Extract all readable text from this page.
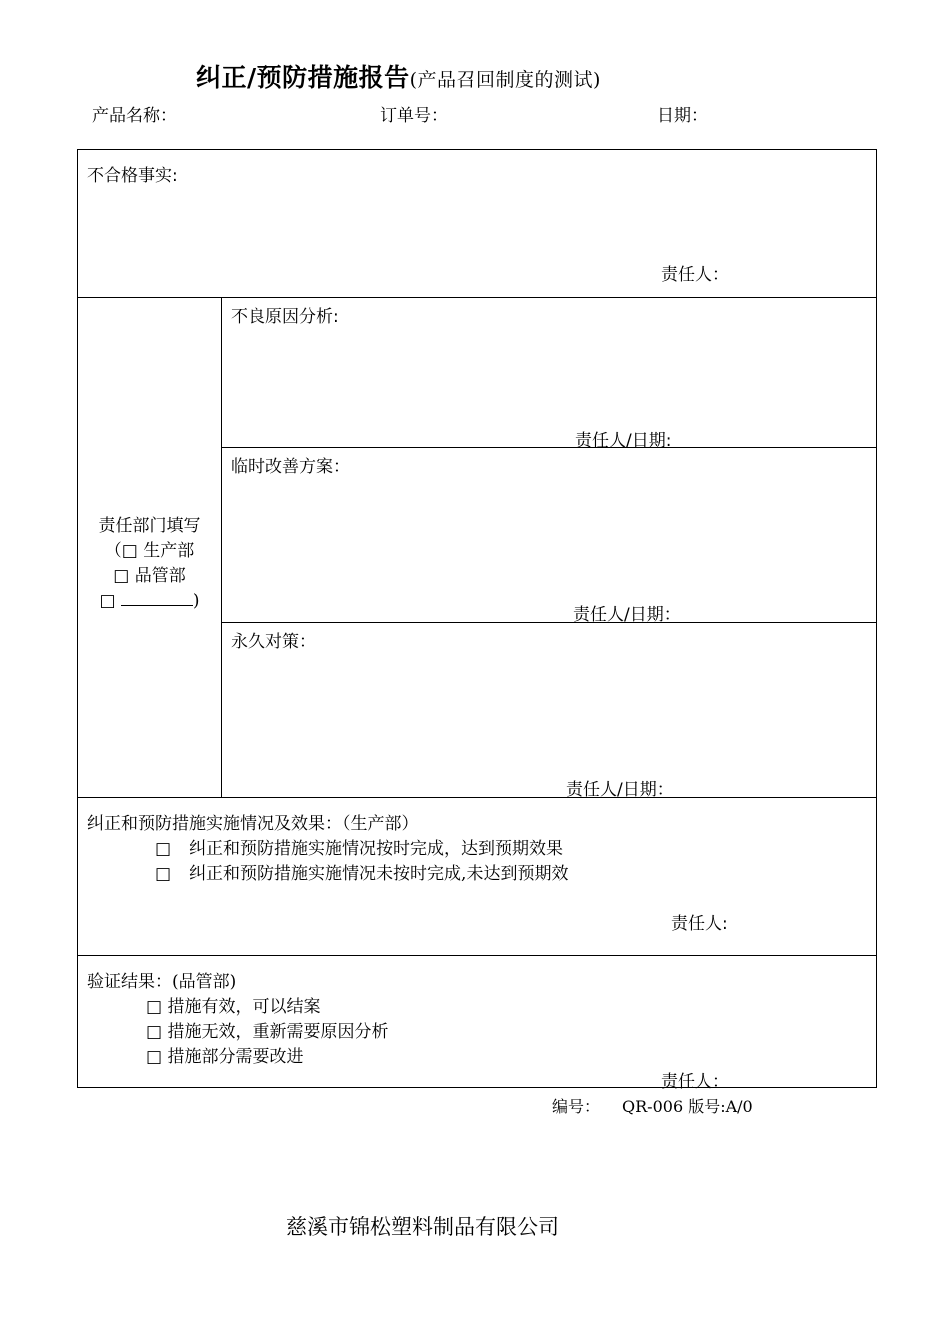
纠正/预防措施报告(产品召回制度的测试)
产品名称：	订单号：	日期：
不合格事实:
责任人：
责任部门填写
（□ 生产部
□ 品管部
□	)
不良原因分析:
责任人/日期:
临时改善方案：
责任人/日期：
永久对策：
责任人/日期：
纠正和预防措施实施情况及效果：（生产部）
□ 纠正和预防措施实施情况按时完成，达到预期效果
□ 纠正和预防措施实施情况未按时完成,未达到预期效
责任人:
验证结果：(品管部)
□ 措施有效，可以结案
□ 措施无效，重新需要原因分析
□ 措施部分需要改进
责任人：
编号： QR-006 版号:A/0
慈溪市锦松塑料制品有限公司
